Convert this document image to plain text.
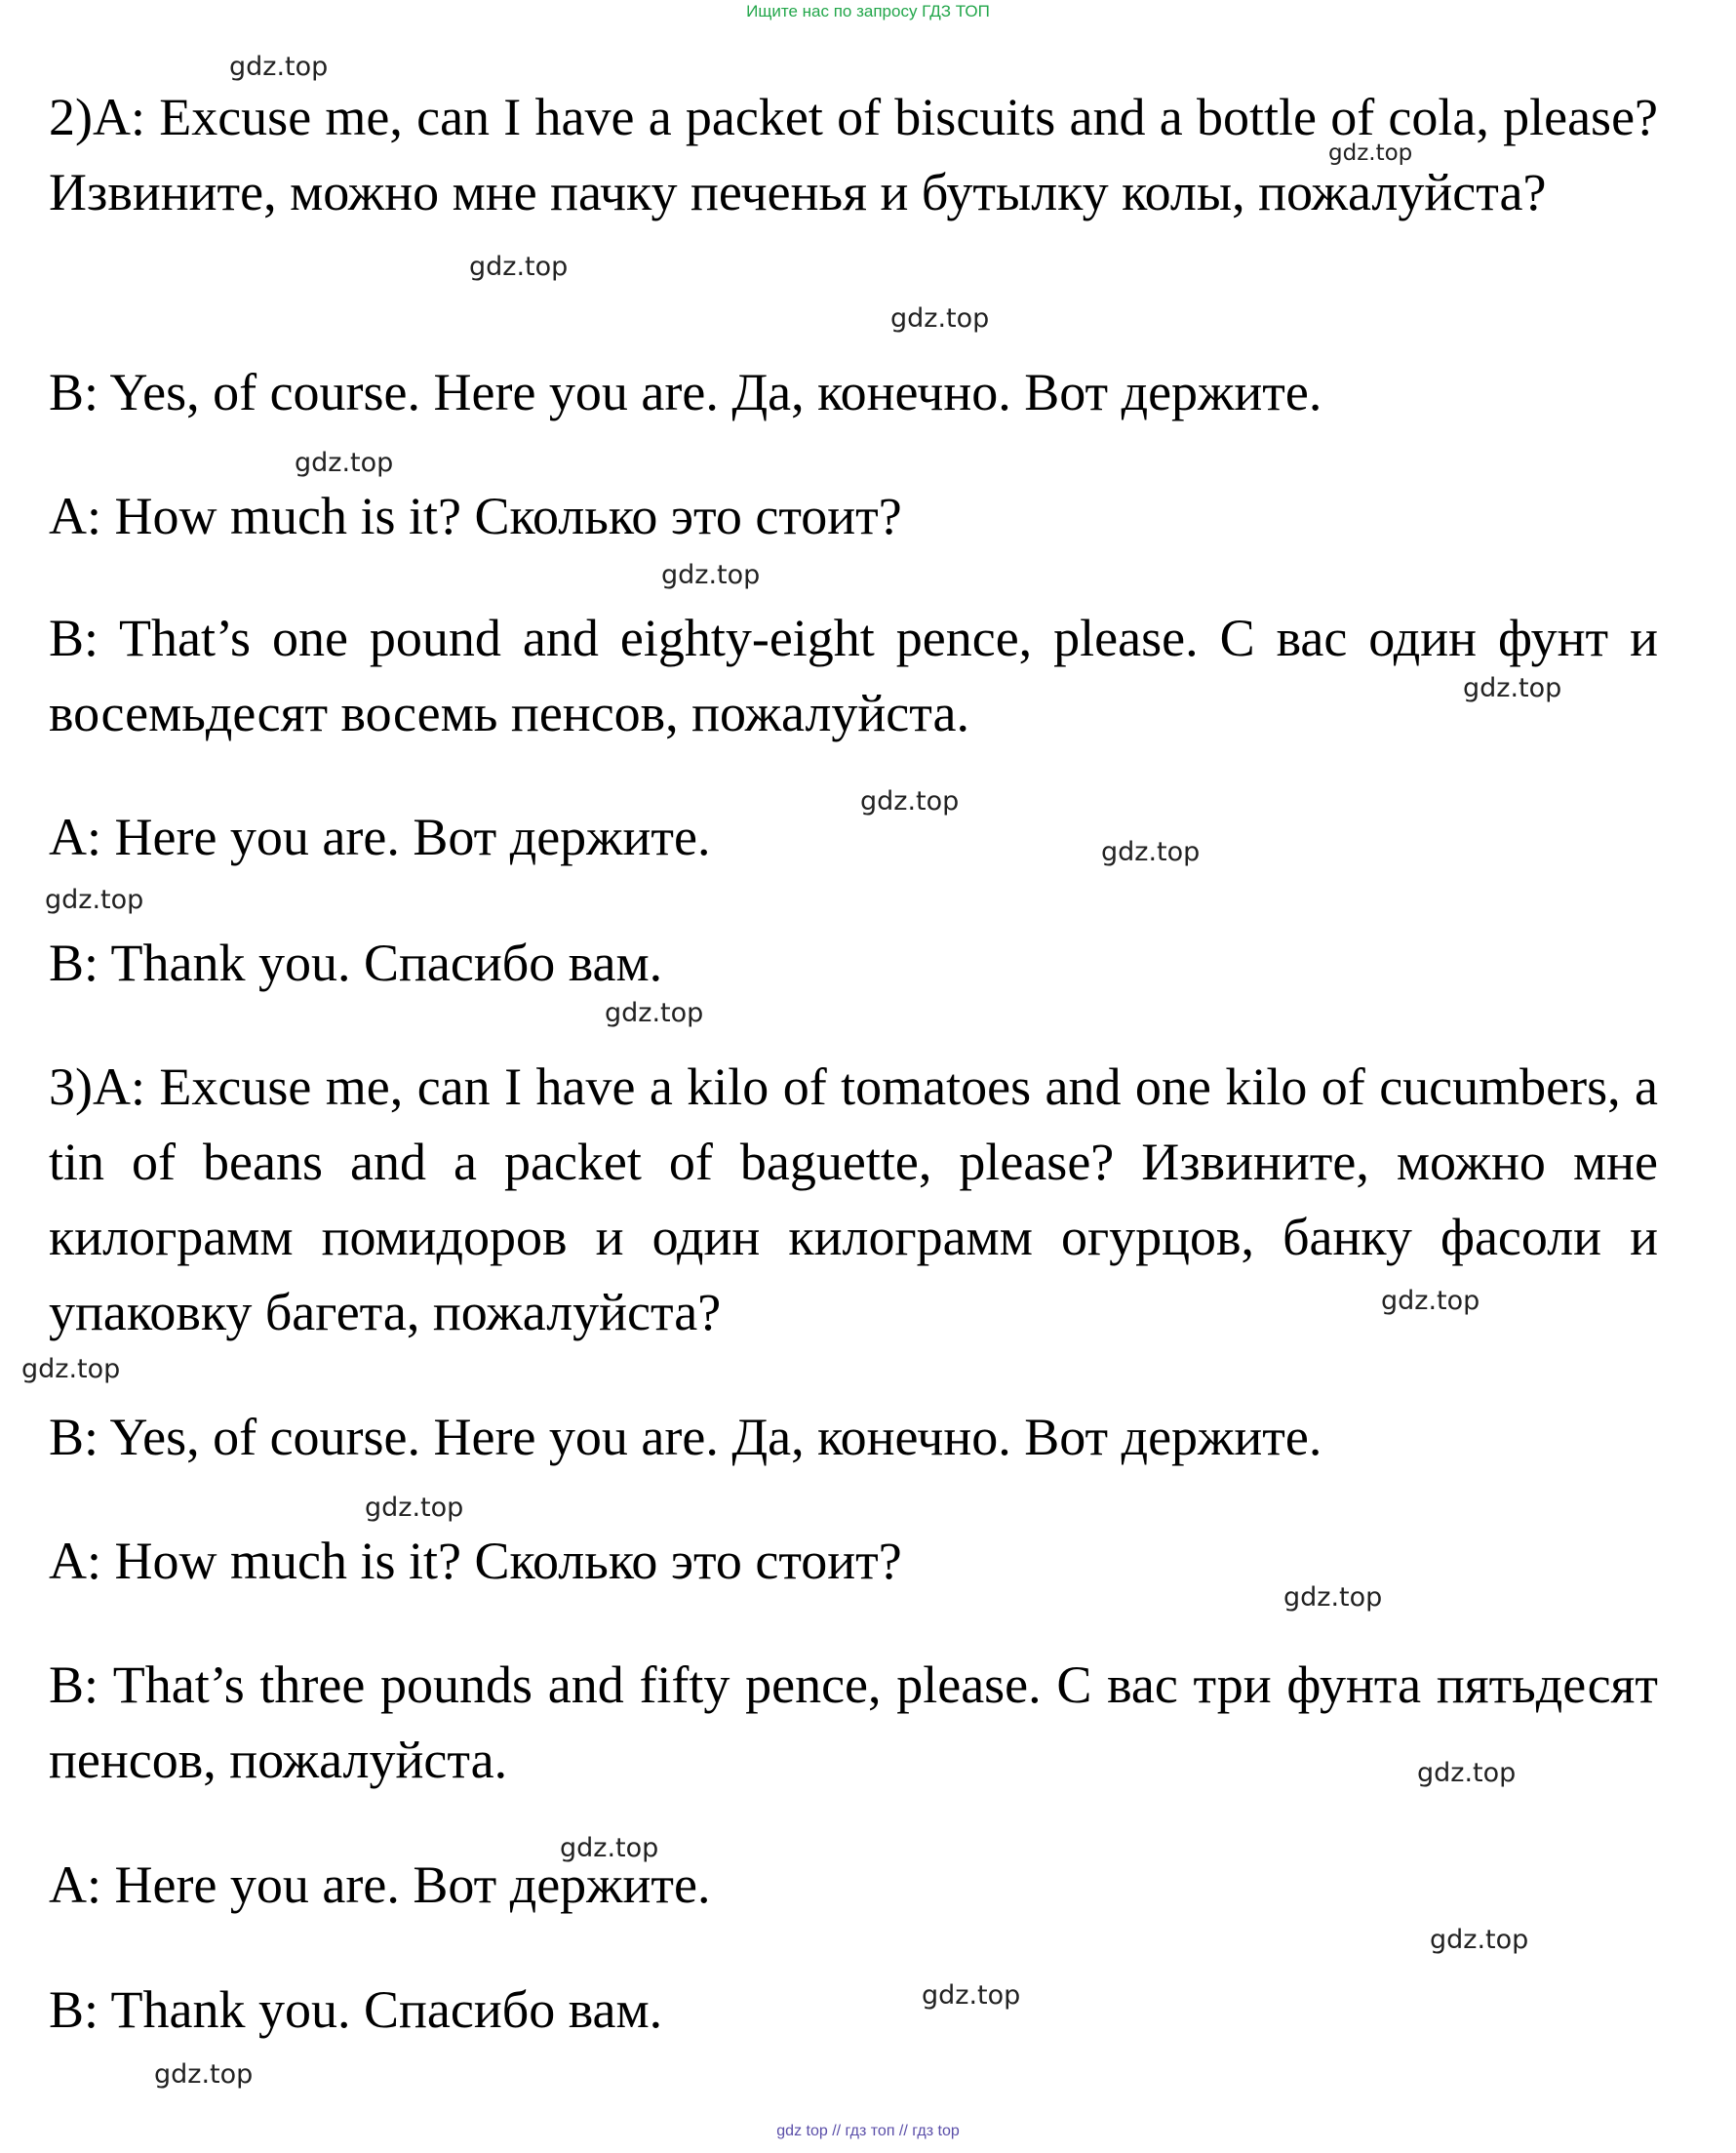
Ищите нас по запросу ГДЗ ТОП

2)A: Excuse me, can I have a packet of biscuits and a bottle of cola, please? Извините, можно мне пачку печенья и бутылку колы, пожалуйста?

B: Yes, of course. Here you are. Да, конечно. Вот держите.

A: How much is it? Сколько это стоит?

B: That’s one pound and eighty-eight pence, please. С вас один фунт и восемьдесят восемь пенсов, пожалуйста.

A: Here you are. Вот держите.

B: Thank you. Спасибо вам.

3)A: Excuse me, can I have a kilo of tomatoes and one kilo of cucumbers, a tin of beans and a packet of baguette, please? Извините, можно мне килограмм помидоров и один килограмм огурцов, банку фасоли и упаковку багета, пожалуйста?

B: Yes, of course. Here you are. Да, конечно. Вот держите.

A: How much is it? Сколько это стоит?

B: That’s three pounds and fifty pence, please. С вас три фунта пятьдесят пенсов, пожалуйста.

A: Here you are. Вот держите.

B: Thank you. Спасибо вам.

gdz.top
gdz.top
gdz.top
gdz.top
gdz.top
gdz.top
gdz.top
gdz.top
gdz.top
gdz.top
gdz.top
gdz.top
gdz.top
gdz.top
gdz.top
gdz.top
gdz.top
gdz.top
gdz.top
gdz.top
gdz top // гдз топ // гдз top
